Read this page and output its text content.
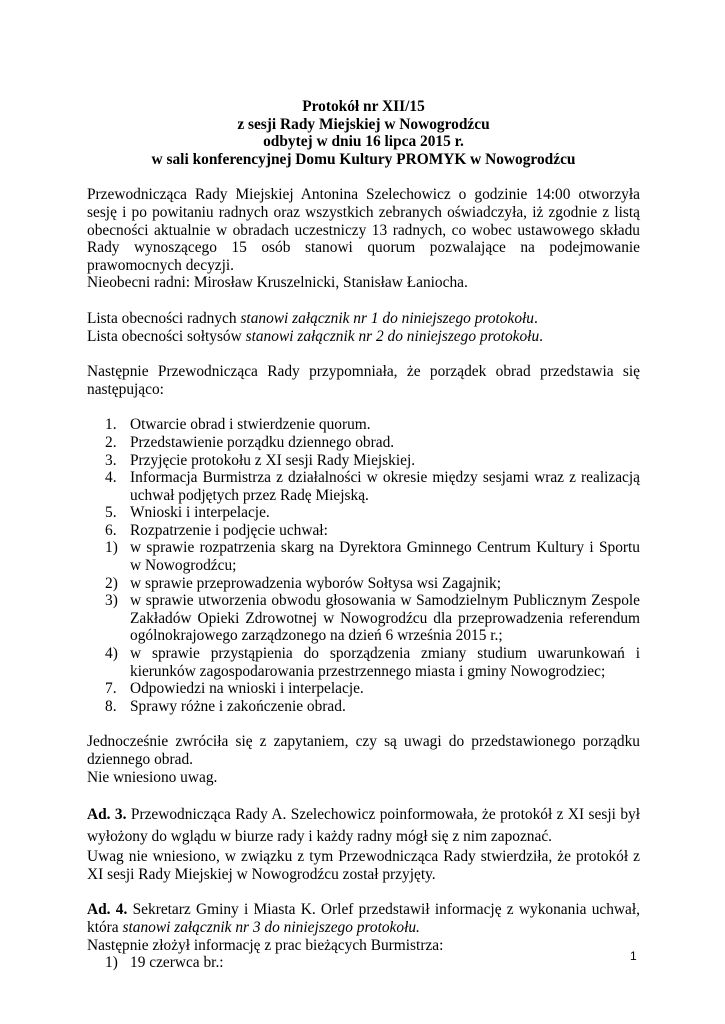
Protokół nr XII/15

z sesji Rady Miejskiej w Nowogrodźcu

odbytej w dniu 16 lipca 2015 r.

w sali konferencyjnej Domu Kultury PROMYK w Nowogrodźcu

Przewodnicząca Rady Miejskiej Antonina Szelechowicz o godzinie 14:00 otworzyła sesję i po powitaniu radnych oraz wszystkich zebranych oświadczyła, iż zgodnie z listą obecności aktualnie w obradach uczestniczy 13 radnych, co wobec ustawowego składu Rady wynoszącego 15 osób stanowi quorum pozwalające na podejmowanie prawomocnych decyzji.

Nieobecni radni: Mirosław Kruszelnicki, Stanisław Łaniocha.

Lista obecności radnych stanowi załącznik nr 1 do niniejszego protokołu.

Lista obecności sołtysów stanowi załącznik nr 2 do niniejszego protokołu.

Następnie Przewodnicząca Rady przypomniała, że porządek obrad przedstawia się następująco:

1. Otwarcie obrad i stwierdzenie quorum.
2. Przedstawienie porządku dziennego obrad.
3. Przyjęcie protokołu z XI sesji Rady Miejskiej.
4. Informacja Burmistrza z działalności w okresie między sesjami wraz z realizacją uchwał podjętych przez Radę Miejską.
5. Wnioski i interpelacje.
6. Rozpatrzenie i podjęcie uchwał:
1) w sprawie rozpatrzenia skarg na Dyrektora Gminnego Centrum Kultury i Sportu w Nowogrodźcu;
2) w sprawie przeprowadzenia wyborów Sołtysa wsi Zagajnik;
3) w sprawie utworzenia obwodu głosowania w Samodzielnym Publicznym Zespole Zakładów Opieki Zdrowotnej w Nowogrodźcu dla przeprowadzenia referendum ogólnokrajowego zarządzonego na dzień 6 września 2015 r.;
4) w sprawie przystąpienia do sporządzenia zmiany studium uwarunkowań i kierunków zagospodarowania przestrzennego miasta i gminy Nowogrodziec;
7. Odpowiedzi na wnioski i interpelacje.
8. Sprawy różne i zakończenie obrad.

Jednocześnie zwróciła się z zapytaniem, czy są uwagi do przedstawionego porządku dziennego obrad.

Nie wniesiono uwag.

Ad. 3. Przewodnicząca Rady A. Szelechowicz poinformowała, że protokół z XI sesji był wyłożony do wglądu w biurze rady i każdy radny mógł się z nim zapoznać.

Uwag nie wniesiono, w związku z tym Przewodnicząca Rady stwierdziła, że protokół z XI sesji Rady Miejskiej w Nowogrodźcu został przyjęty.

Ad. 4. Sekretarz Gminy i Miasta K. Orlef przedstawił informację z wykonania uchwał, która stanowi załącznik nr 3 do niniejszego protokołu.

Następnie złożył informację z prac bieżących Burmistrza:

1) 19 czerwca br.:	1
